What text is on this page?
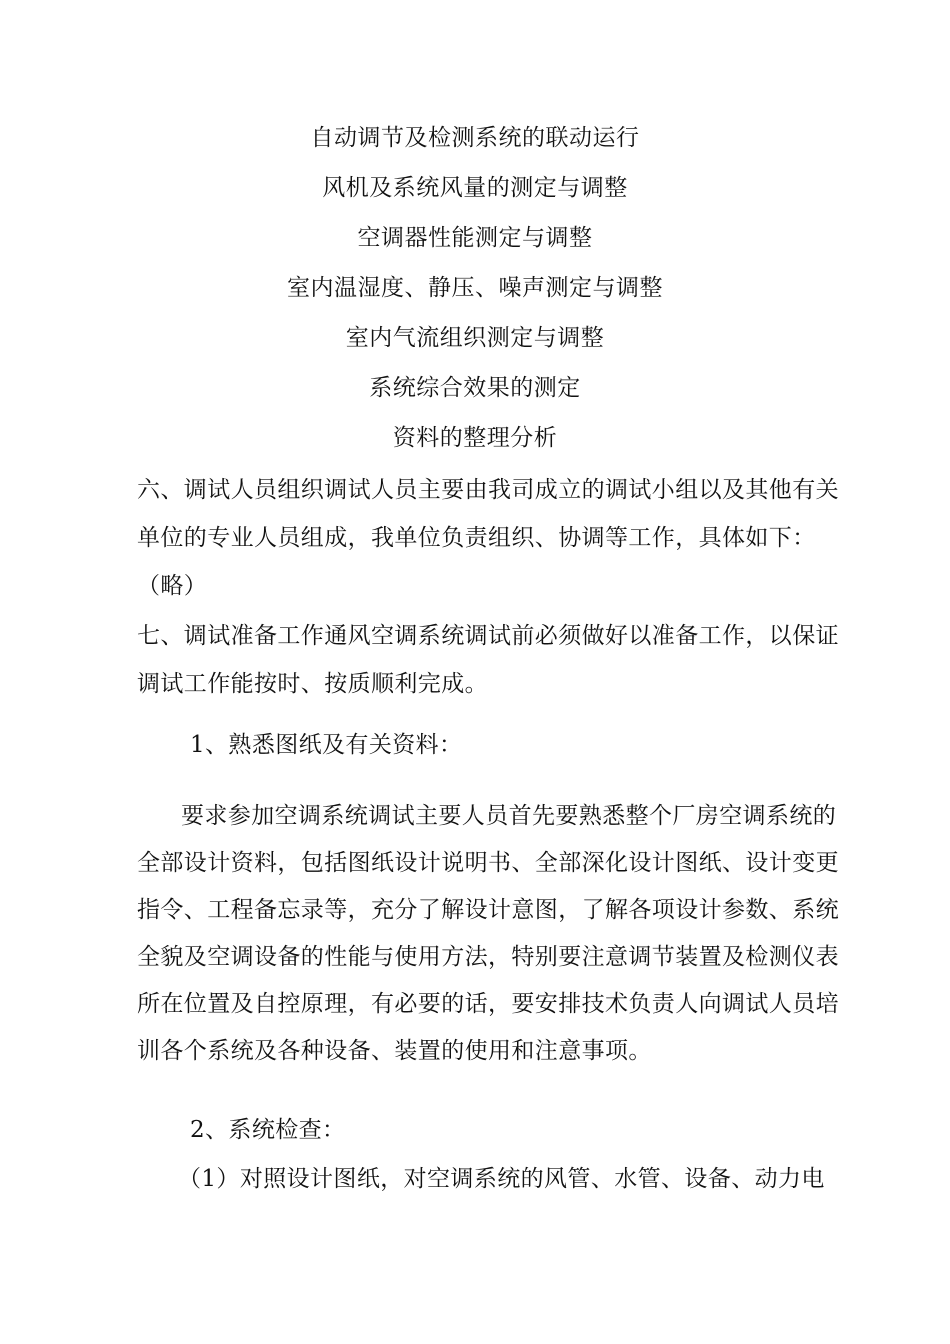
自动调节及检测系统的联动运行
风机及系统风量的测定与调整
空调器性能测定与调整
室内温湿度、静压、噪声测定与调整
室内气流组织测定与调整
系统综合效果的测定
资料的整理分析
六、调试人员组织调试人员主要由我司成立的调试小组以及其他有关
单位的专业人员组成，我单位负责组织、协调等工作，具体如下：
（略）
七、调试准备工作通风空调系统调试前必须做好以准备工作，以保证
调试工作能按时、按质顺利完成。
1、熟悉图纸及有关资料：
要求参加空调系统调试主要人员首先要熟悉整个厂房空调系统的
全部设计资料，包括图纸设计说明书、全部深化设计图纸、设计变更
指令、工程备忘录等，充分了解设计意图，了解各项设计参数、系统
全貌及空调设备的性能与使用方法，特别要注意调节装置及检测仪表
所在位置及自控原理，有必要的话，要安排技术负责人向调试人员培
训各个系统及各种设备、装置的使用和注意事项。
2、系统检查：
（1）对照设计图纸，对空调系统的风管、水管、设备、动力电
